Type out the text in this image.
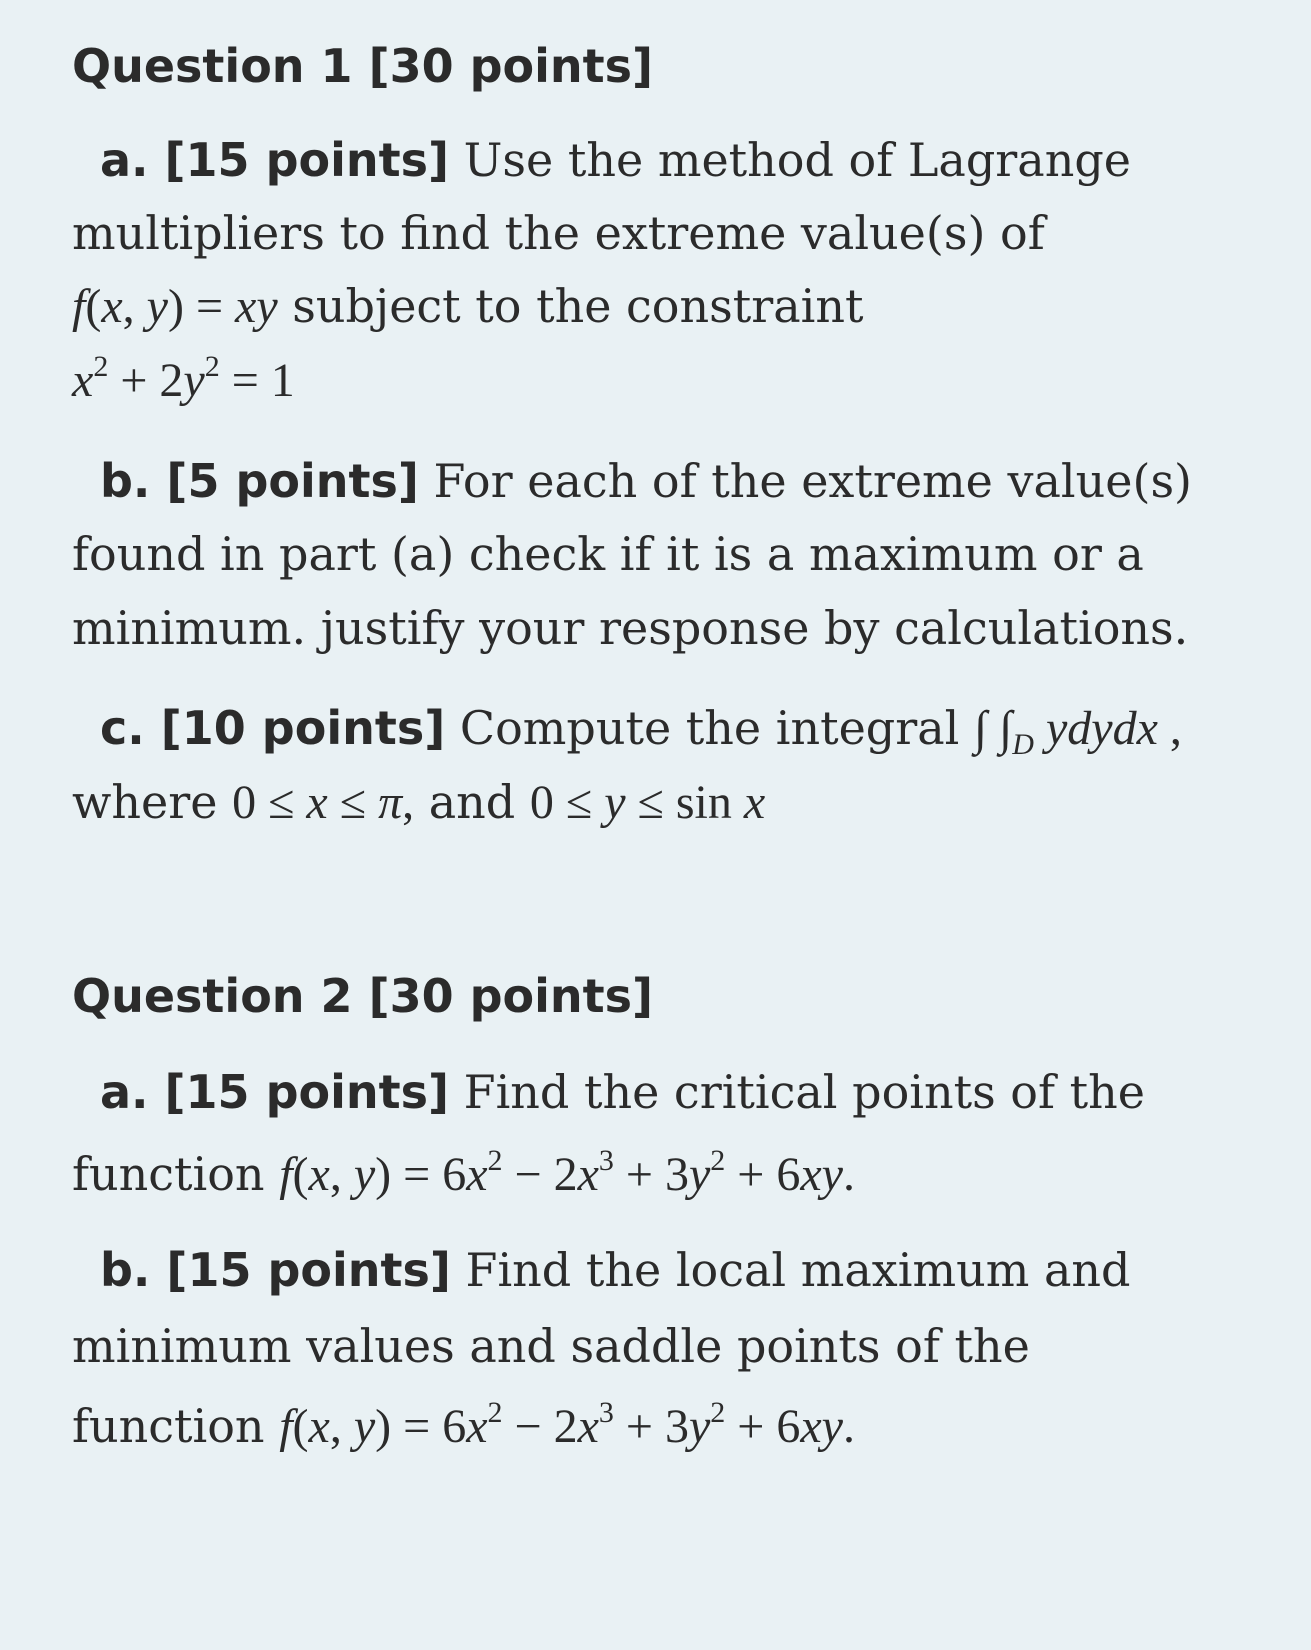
Question 1 [30 points]
a. [15 points] Use the method of Lagrange
multipliers to find the extreme value(s) of
f(x, y) = xy subject to the constraint
$x^2 + 2y^2 = 1$
b. [5 points] For each of the extreme value(s)
found in part (a) check if it is a maximum or a
minimum. justify your response by calculations.
c. [10 points] Compute the integral ∫ $\int_D$ ydydx ,
where 0 ≤ x ≤ π, and 0 ≤ y ≤ sin x
Question 2 [30 points]
a. [15 points] Find the critical points of the
function f(x, $y) = 6x^2 - 2x^3 + 3y^2 + 6xy$.
b. [15 points] Find the local maximum and
minimum values and saddle points of the
function f(x, $y) = 6x^2 - 2x^3 + 3y^2 + 6xy$.
